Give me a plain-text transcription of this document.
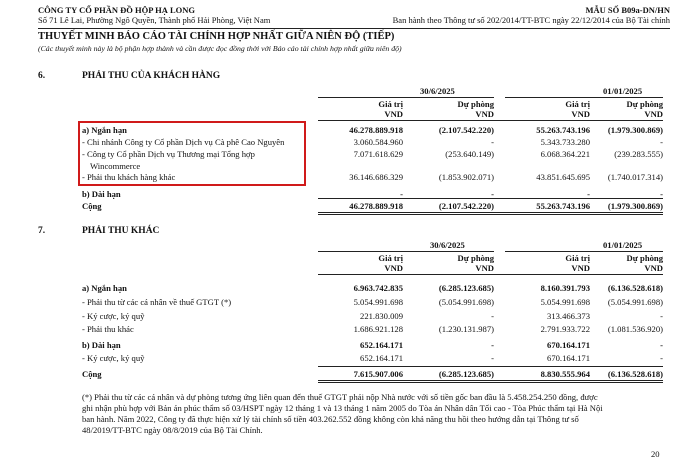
CÔNG TY CỔ PHẦN ĐỒ HỘP HẠ LONG
Số 71 Lê Lai, Phường Ngô Quyền, Thành phố Hải Phòng, Việt Nam
MẪU SỐ B09a-DN/HN
Ban hành theo Thông tư số 202/2014/TT-BTC ngày 22/12/2014 của Bộ Tài chính
THUYẾT MINH BÁO CÁO TÀI CHÍNH HỢP NHẤT GIỮA NIÊN ĐỘ (TIẾP)
(Các thuyết minh này là bộ phận hợp thành và cần được đọc đồng thời với Báo cáo tài chính hợp nhất giữa niên độ)
6.	PHẢI THU CỦA KHÁCH HÀNG
30/6/2025	01/01/2025
Giá trị	Dự phòng	Giá trị	Dự phòng
VND	VND	VND	VND
a) Ngắn hạn	46.278.889.918	(2.107.542.220)	55.263.743.196	(1.979.300.869)
- Chi nhánh Công ty Cổ phần Dịch vụ Cà phê Cao Nguyên	3.060.584.960	-	5.343.733.280	-
- Công ty Cổ phần Dịch vụ Thương mại Tổng hợp
Wincommerce
7.071.618.629	(253.640.149)	6.068.364.221	(239.283.555)
- Phải thu khách hàng khác	36.146.686.329	(1.853.902.071)	43.851.645.695	(1.740.017.314)
b) Dài hạn	-	-	-	-
Cộng	46.278.889.918	(2.107.542.220)	55.263.743.196	(1.979.300.869)
7.	PHẢI THU KHÁC
30/6/2025	01/01/2025
Giá trị	Dự phòng	Giá trị	Dự phòng
VND	VND	VND	VND
a) Ngắn hạn	6.963.742.835	(6.285.123.685)	8.160.391.793	(6.136.528.618)
- Phải thu từ các cá nhân về thuế GTGT (*)	5.054.991.698	(5.054.991.698)	5.054.991.698	(5.054.991.698)
- Ký cược, ký quỹ	221.830.009	-	313.466.373	-
- Phải thu khác	1.686.921.128	(1.230.131.987)	2.791.933.722	(1.081.536.920)
b) Dài hạn	652.164.171	-	670.164.171	-
- Ký cược, ký quỹ	652.164.171	-	670.164.171	-
Cộng	7.615.907.006	(6.285.123.685)	8.830.555.964	(6.136.528.618)
(*) Phải thu từ các cá nhân và dự phòng tương ứng liên quan đến thuế GTGT phải nộp Nhà nước với số tiền gốc ban đầu là 5.458.254.250 đồng, được
ghi nhận phù hợp với Bản án phúc thẩm số 03/HSPT ngày 12 tháng 1 và 13 tháng 1 năm 2005 do Tòa án Nhân dân Tối cao - Tòa Phúc thẩm tại Hà Nội
ban hành. Năm 2022, Công ty đã thực hiện xử lý tài chính số tiền 403.262.552 đồng không còn khả năng thu hồi theo hướng dẫn tại Thông tư số
48/2019/TT-BTC ngày 08/8/2019 của Bộ Tài Chính.
20
